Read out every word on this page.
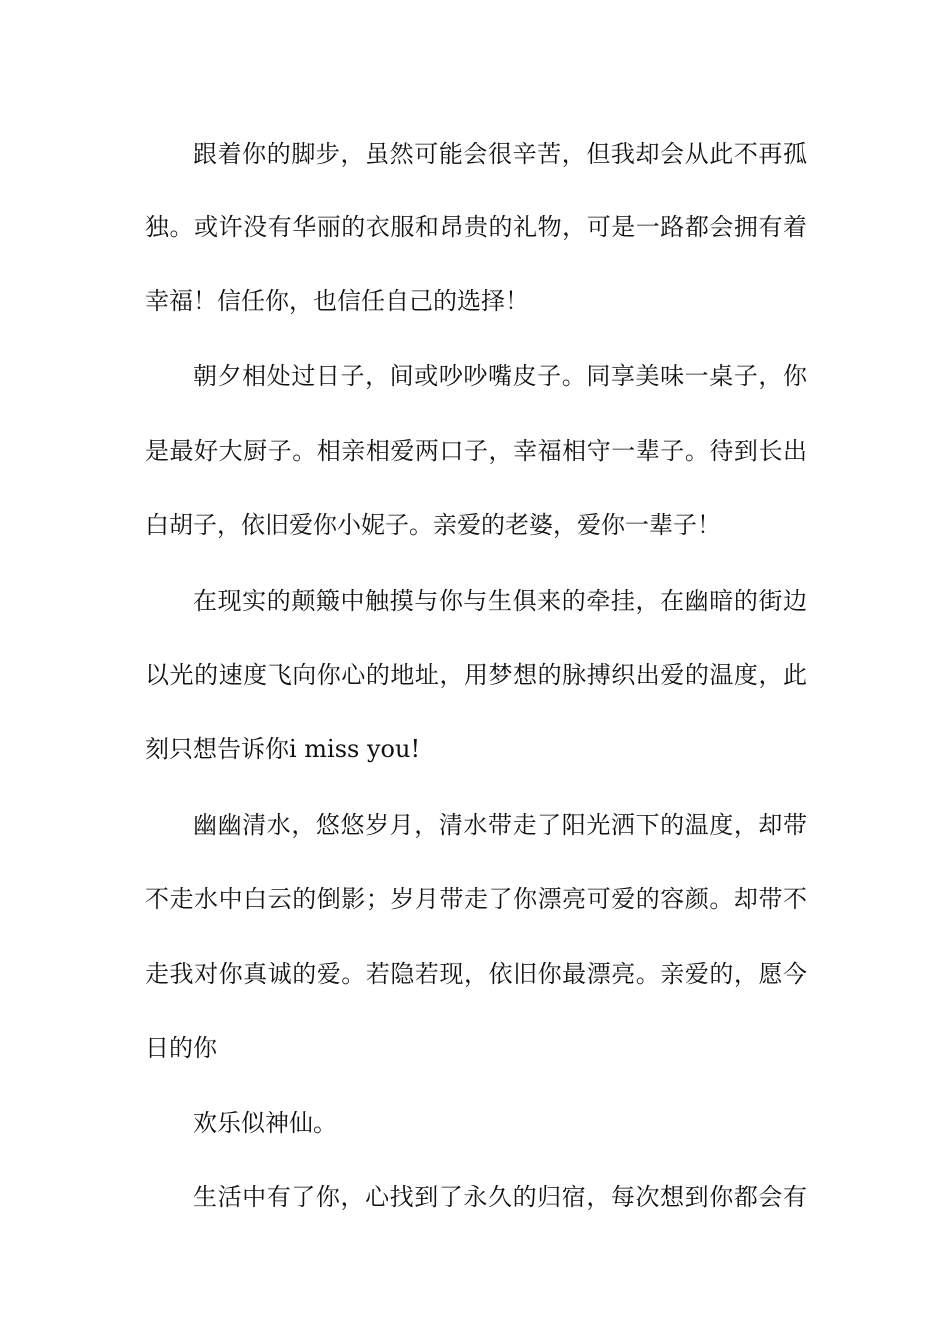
跟着你的脚步，虽然可能会很辛苦，但我却会从此不再孤
独。或许没有华丽的衣服和昂贵的礼物，可是一路都会拥有着
幸福！信任你，也信任自己的选择！
朝夕相处过日子，间或吵吵嘴皮子。同享美味一桌子，你
是最好大厨子。相亲相爱两口子，幸福相守一辈子。待到长出
白胡子，依旧爱你小妮子。亲爱的老婆，爱你一辈子！
在现实的颠簸中触摸与你与生俱来的牵挂，在幽暗的街边
以光的速度飞向你心的地址，用梦想的脉搏织出爱的温度，此
刻只想告诉你i miss you!
幽幽清水，悠悠岁月，清水带走了阳光洒下的温度，却带
不走水中白云的倒影；岁月带走了你漂亮可爱的容颜。却带不
走我对你真诚的爱。若隐若现，依旧你最漂亮。亲爱的，愿今
日的你
欢乐似神仙。
生活中有了你，心找到了永久的归宿，每次想到你都会有
